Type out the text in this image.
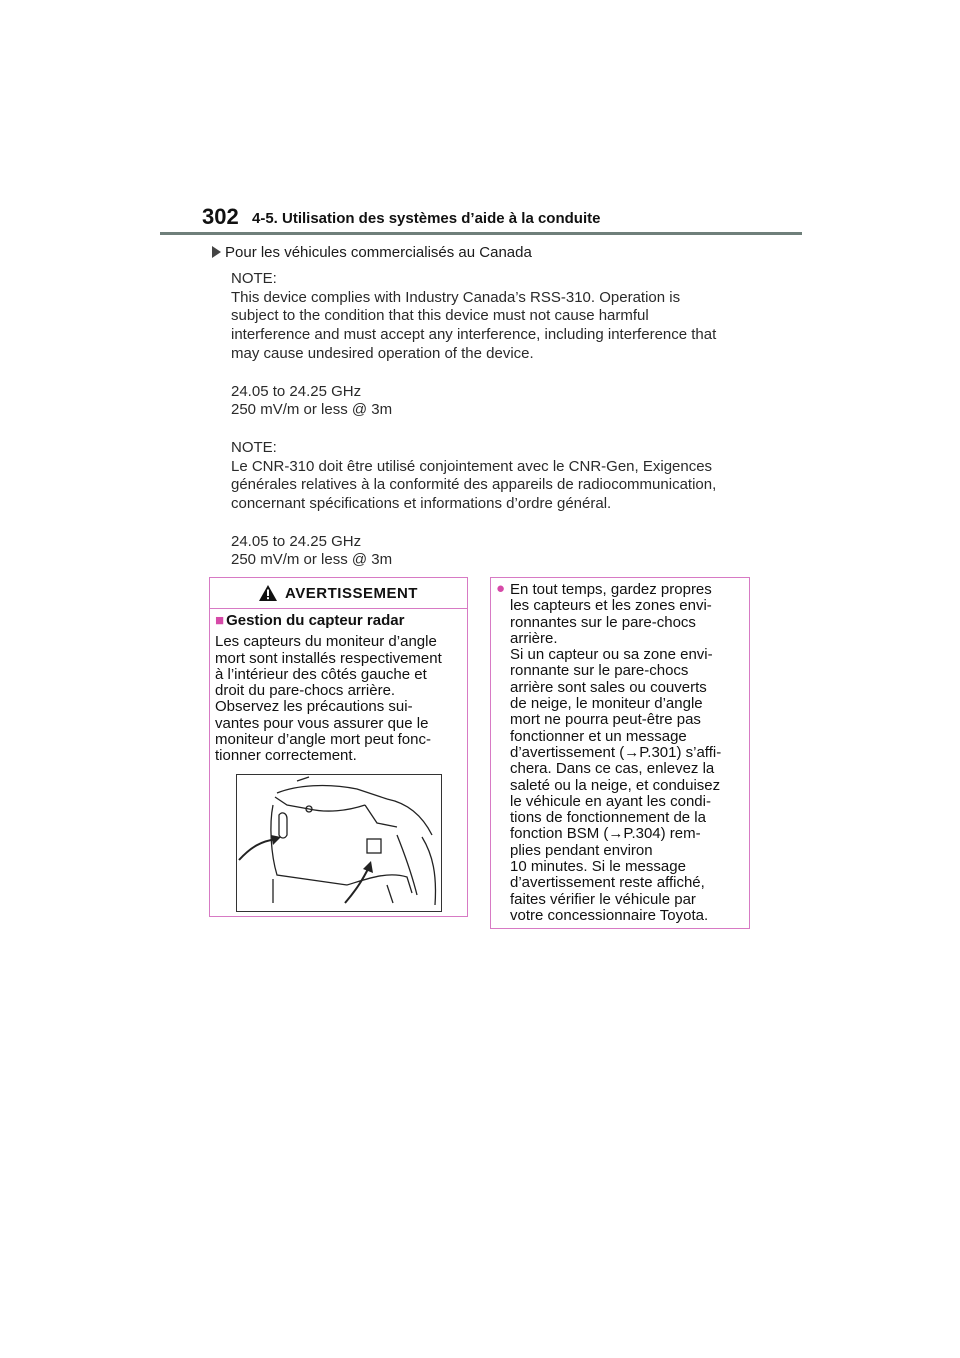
302 4-5. Utilisation des systèmes d’aide à la conduite
Pour les véhicules commercialisés au Canada

NOTE:

This device complies with Industry Canada’s RSS-310. Operation is

subject to the condition that this device must not cause harmful

interference and must accept any interference, including interference that

may cause undesired operation of the device.

24.05 to 24.25 GHz

250 mV/m or less @ 3m

NOTE:

Le CNR-310 doit être utilisé conjointement avec le CNR-Gen, Exigences

générales relatives à la conformité des appareils de radiocommunication,

concernant spécifications et informations d’ordre général.

24.05 to 24.25 GHz

250 mV/m or less @ 3m

AVERTISSEMENT
■ Gestion du capteur radar

Les capteurs du moniteur d’angle

mort sont installés respectivement

à l’intérieur des côtés gauche et

droit du pare-chocs arrière.

Observez les précautions sui-

vantes pour vous assurer que le

moniteur d’angle mort peut fonc-

tionner correctement.

● En tout temps, gardez propres

les capteurs et les zones envi-

ronnantes sur le pare-chocs

arrière.

Si un capteur ou sa zone envi-

ronnante sur le pare-chocs

arrière sont sales ou couverts

de neige, le moniteur d’angle

mort ne pourra peut-être pas

fonctionner et un message

d’avertissement (→P.301) s’affi-

chera. Dans ce cas, enlevez la

saleté ou la neige, et conduisez

le véhicule en ayant les condi-

tions de fonctionnement de la

fonction BSM (→P.304) rem-

plies pendant environ

10 minutes. Si le message

d’avertissement reste affiché,

faites vérifier le véhicule par

votre concessionnaire Toyota.
